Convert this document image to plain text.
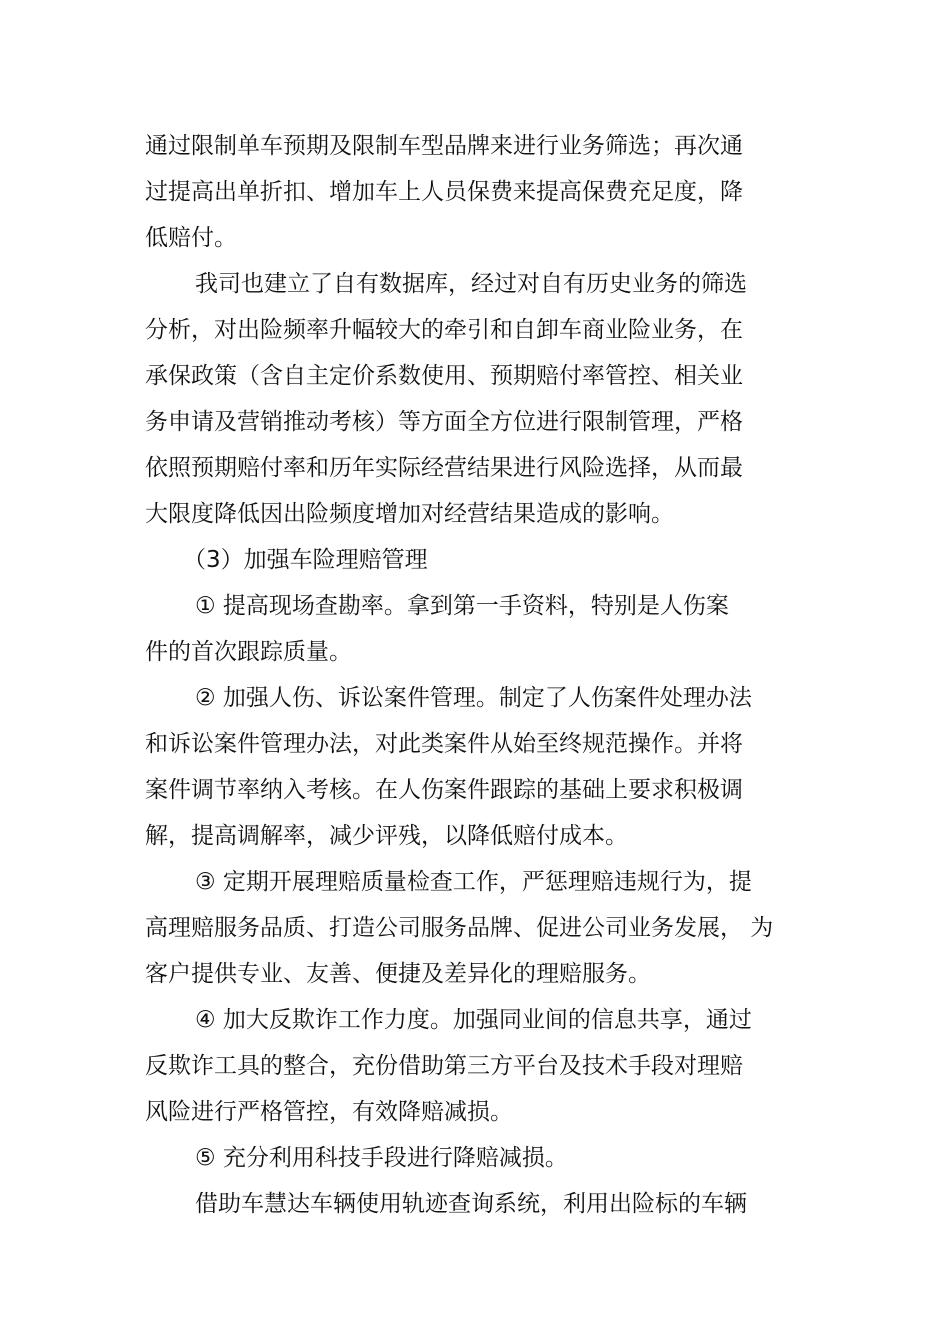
通过限制单车预期及限制车型品牌来进行业务筛选；再次通
过提高出单折扣、增加车上人员保费来提高保费充足度，降
低赔付。
我司也建立了自有数据库，经过对自有历史业务的筛选
分析，对出险频率升幅较大的牵引和自卸车商业险业务，在
承保政策（含自主定价系数使用、预期赔付率管控、相关业
务申请及营销推动考核）等方面全方位进行限制管理，严格
依照预期赔付率和历年实际经营结果进行风险选择，从而最
大限度降低因出险频度增加对经营结果造成的影响。
（3）加强车险理赔管理
① 提高现场查勘率。拿到第一手资料，特别是人伤案
件的首次跟踪质量。
② 加强人伤、诉讼案件管理。制定了人伤案件处理办法
和诉讼案件管理办法，对此类案件从始至终规范操作。并将
案件调节率纳入考核。在人伤案件跟踪的基础上要求积极调
解，提高调解率，减少评残，以降低赔付成本。
③ 定期开展理赔质量检查工作，严惩理赔违规行为，提
高理赔服务品质、打造公司服务品牌、促进公司业务发展， 为
客户提供专业、友善、便捷及差异化的理赔服务。
④ 加大反欺诈工作力度。加强同业间的信息共享，通过
反欺诈工具的整合，充份借助第三方平台及技术手段对理赔
风险进行严格管控，有效降赔减损。
⑤ 充分利用科技手段进行降赔减损。
借助车慧达车辆使用轨迹查询系统，利用出险标的车辆
